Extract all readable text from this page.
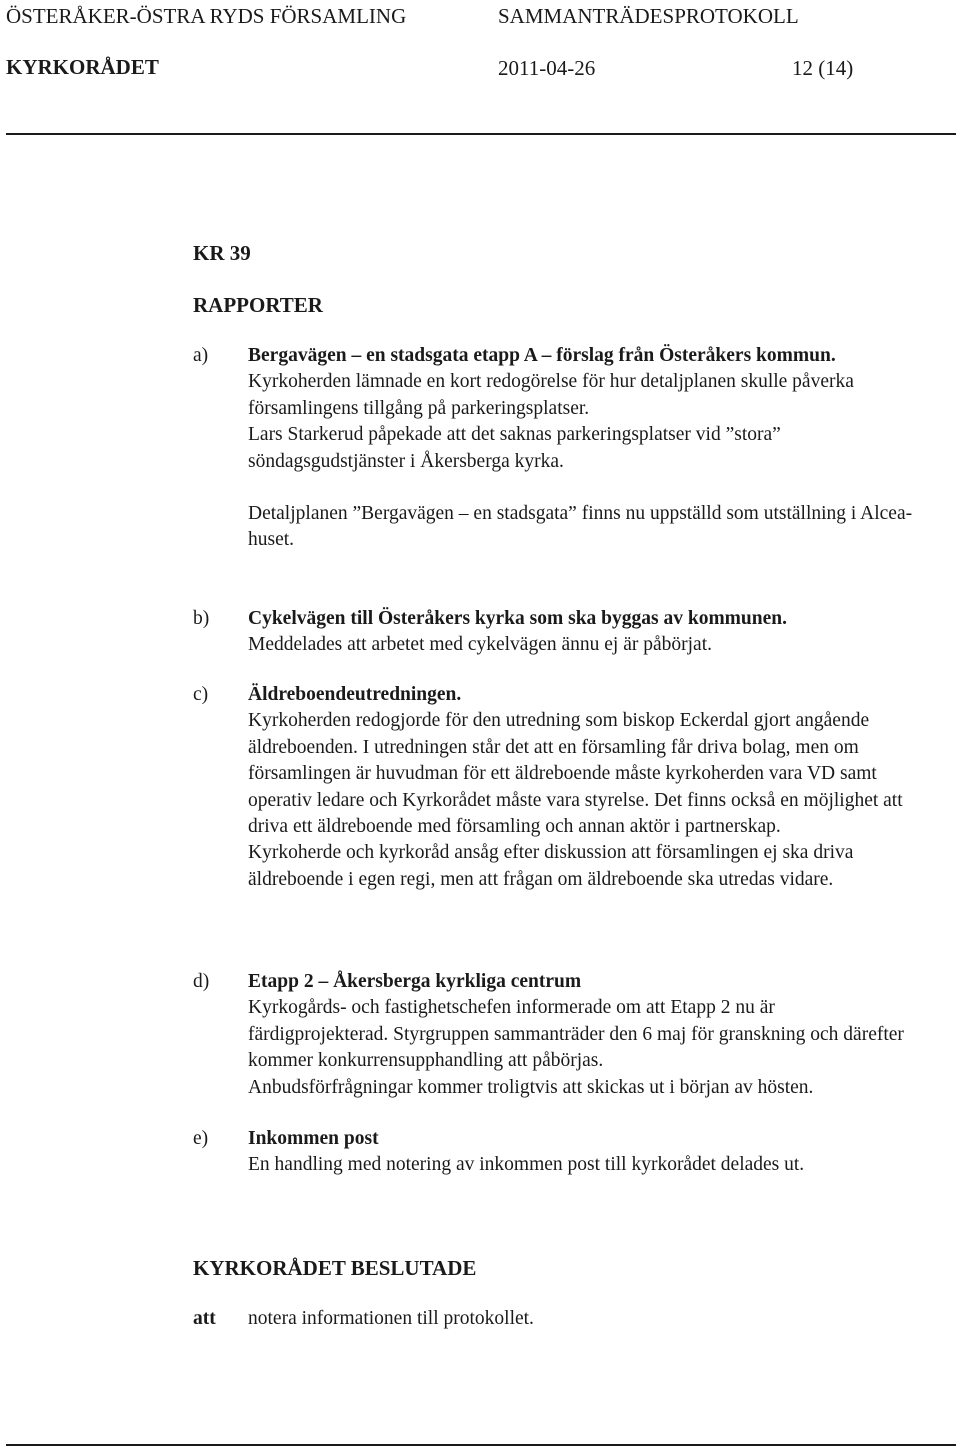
ÖSTERÅKER-ÖSTRA RYDS FÖRSAMLING	SAMMANTRÄDESPROTOKOLL
KYRKORÅDET	2011-04-26	12 (14)
KR 39
RAPPORTER
a) Bergavägen – en stadsgata etapp A – förslag från Österåkers kommun.

Kyrkoherden lämnade en kort redogörelse för hur detaljplanen skulle påverka församlingens tillgång på parkeringsplatser.

Lars Starkerud påpekade att det saknas parkeringsplatser vid ”stora” söndagsgudstjänster i Åkersberga kyrka.

Detaljplanen ”Bergavägen – en stadsgata” finns nu uppställd som utställning i Alcea-huset.

b) Cykelvägen till Österåkers kyrka som ska byggas av kommunen.

Meddelades att arbetet med cykelvägen ännu ej är påbörjat.

c) Äldreboendeutredningen.

Kyrkoherden redogjorde för den utredning som biskop Eckerdal gjort angående äldreboenden. I utredningen står det att en församling får driva bolag, men om församlingen är huvudman för ett äldreboende måste kyrkoherden vara VD samt operativ ledare och Kyrkorådet måste vara styrelse. Det finns också en möjlighet att driva ett äldreboende med församling och annan aktör i partnerskap.

Kyrkoherde och kyrkoråd ansåg efter diskussion att församlingen ej ska driva äldreboende i egen regi, men att frågan om äldreboende ska utredas vidare.

d) Etapp 2 – Åkersberga kyrkliga centrum

Kyrkogårds- och fastighetschefen informerade om att Etapp 2 nu är färdigprojekterad. Styrgruppen sammanträder den 6 maj för granskning och därefter kommer konkurrensupphandling att påbörjas.

Anbudsförfrågningar kommer troligtvis att skickas ut i början av hösten.

e) Inkommen post

En handling med notering av inkommen post till kyrkorådet delades ut.

KYRKORÅDET BESLUTADE
att notera informationen till protokollet.
